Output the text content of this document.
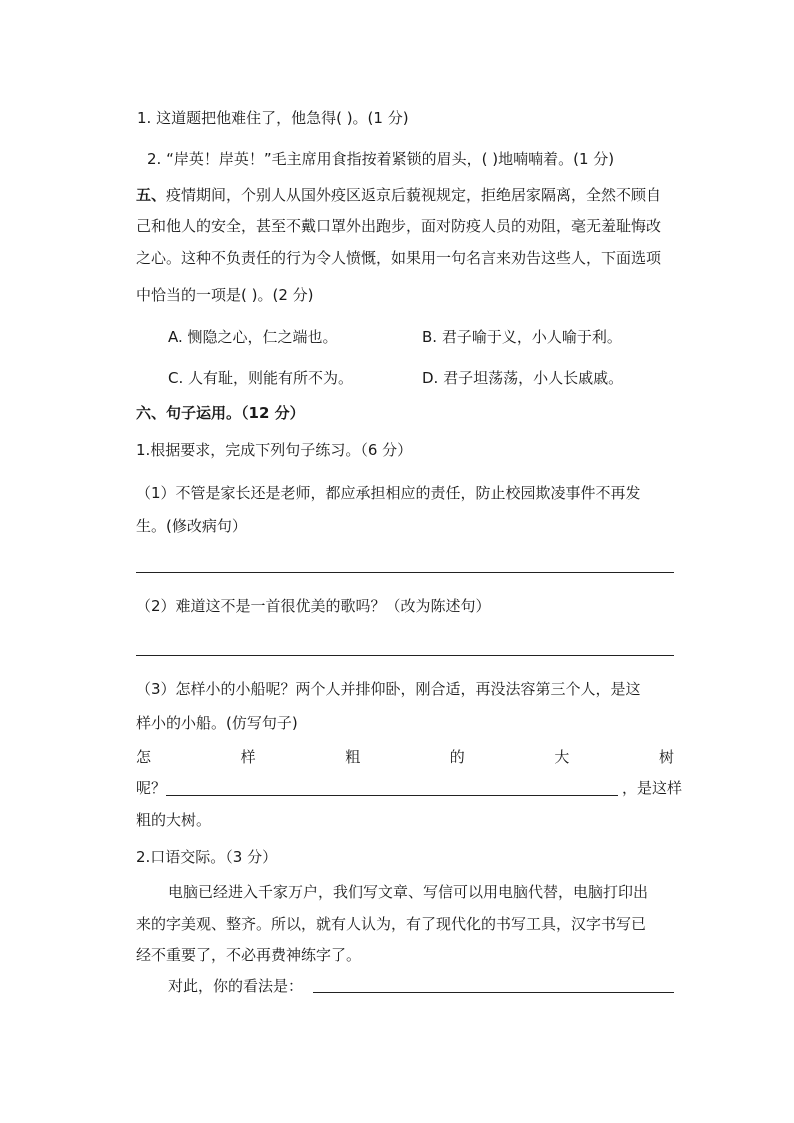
1. 这道题把他难住了，他急得( )。(1 分)
2. “岸英！岸英！”毛主席用食指按着紧锁的眉头，( )地喃喃着。(1 分)
五、疫情期间，个别人从国外疫区返京后藐视规定，拒绝居家隔离，全然不顾自
己和他人的安全，甚至不戴口罩外出跑步，面对防疫人员的劝阻，毫无羞耻悔改
之心。这种不负责任的行为令人愤慨，如果用一句名言来劝告这些人，下面选项
中恰当的一项是( )。(2 分)
A. 恻隐之心，仁之端也。	B. 君子喻于义，小人喻于利。
C. 人有耻，则能有所不为。	D. 君子坦荡荡，小人长戚戚。
六、句子运用。（12 分）
1.根据要求，完成下列句子练习。（6 分）
（1）不管是家长还是老师，都应承担相应的责任，防止校园欺凌事件不再发
生。(修改病句）
（2）难道这不是一首很优美的歌吗？（改为陈述句）
（3）怎样小的小船呢？两个人并排仰卧，刚合适，再没法容第三个人，是这
样小的小船。(仿写句子)
怎	样	粗	的	大	树
呢？	，是这样
粗的大树。
2.口语交际。（3 分）
电脑已经进入千家万户，我们写文章、写信可以用电脑代替，电脑打印出
来的字美观、整齐。所以，就有人认为，有了现代化的书写工具，汉字书写已
经不重要了，不必再费神练字了。
对此，你的看法是：
